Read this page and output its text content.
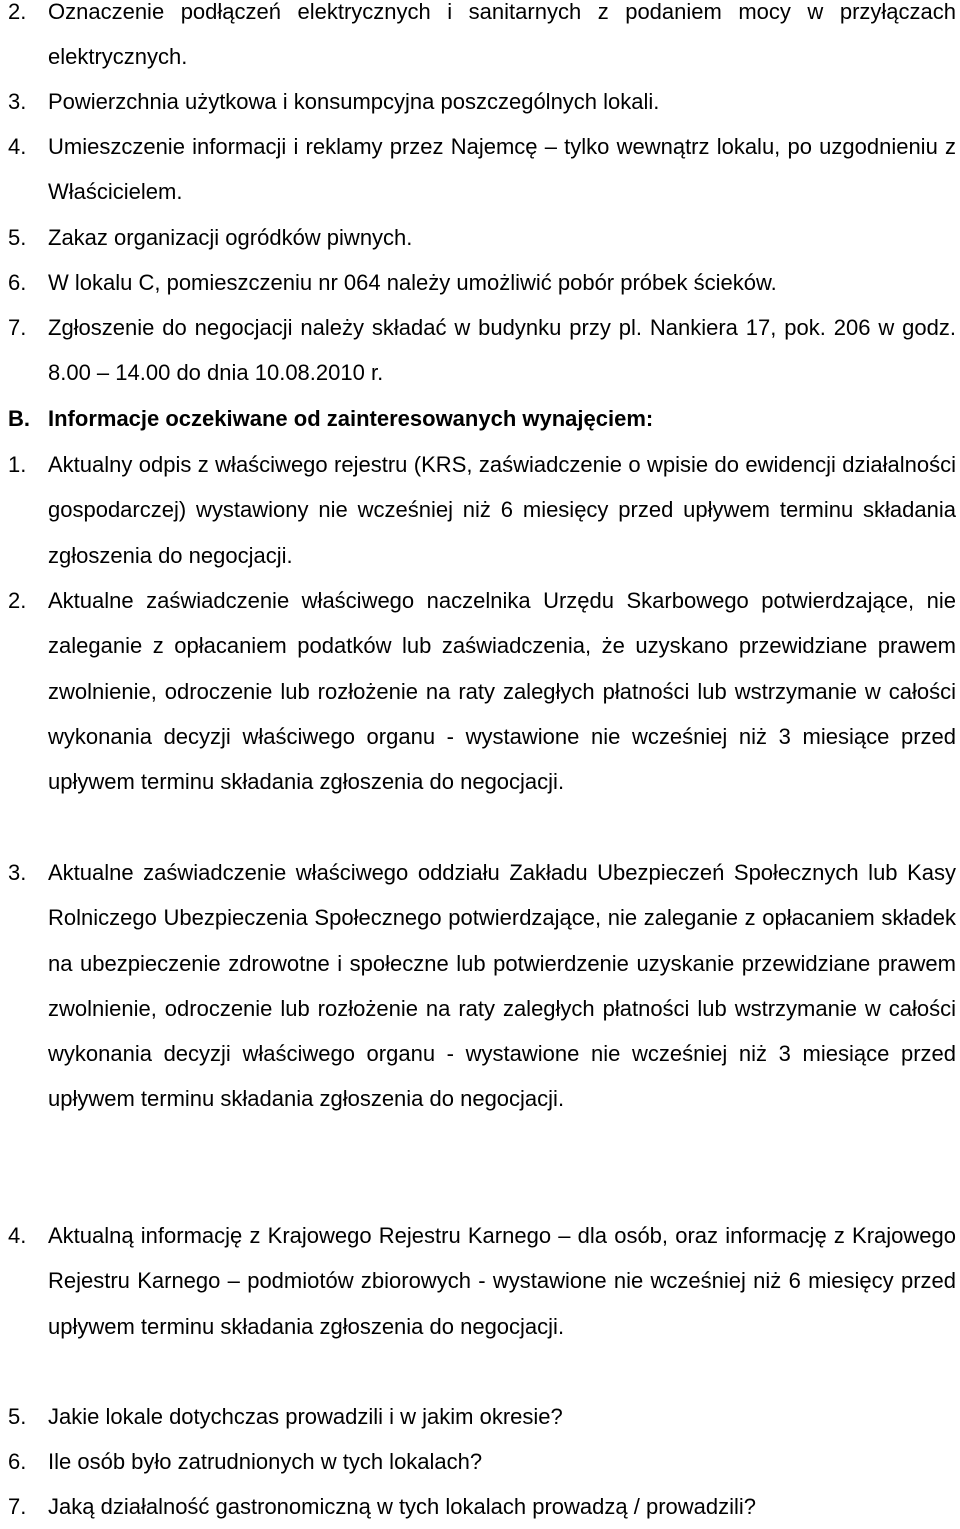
2. Oznaczenie podłączeń elektrycznych i sanitarnych z podaniem mocy w przyłączach elektrycznych.
3. Powierzchnia użytkowa i konsumpcyjna poszczególnych lokali.
4. Umieszczenie informacji i reklamy przez Najemcę – tylko wewnątrz lokalu, po uzgodnieniu z Właścicielem.
5. Zakaz organizacji ogródków piwnych.
6. W lokalu C, pomieszczeniu nr 064 należy umożliwić pobór próbek ścieków.
7. Zgłoszenie do negocjacji należy składać w budynku przy pl. Nankiera 17, pok. 206 w godz. 8.00 – 14.00 do dnia 10.08.2010 r.
B. Informacje oczekiwane od zainteresowanych wynajęciem:
1. Aktualny odpis z właściwego rejestru (KRS, zaświadczenie o wpisie do ewidencji działalności gospodarczej) wystawiony nie wcześniej niż 6 miesięcy przed upływem terminu składania zgłoszenia do negocjacji.
2. Aktualne zaświadczenie właściwego naczelnika Urzędu Skarbowego potwierdzające, nie zaleganie z opłacaniem podatków lub zaświadczenia, że uzyskano przewidziane prawem zwolnienie, odroczenie lub rozłożenie na raty zaległych płatności lub wstrzymanie w całości wykonania decyzji właściwego organu - wystawione nie wcześniej niż 3 miesiące przed upływem terminu składania zgłoszenia do negocjacji.
3. Aktualne zaświadczenie właściwego oddziału Zakładu Ubezpieczeń Społecznych lub Kasy Rolniczego Ubezpieczenia Społecznego potwierdzające, nie zaleganie z opłacaniem składek na ubezpieczenie zdrowotne i społeczne lub potwierdzenie uzyskanie przewidziane prawem zwolnienie, odroczenie lub rozłożenie na raty zaległych płatności lub wstrzymanie w całości wykonania decyzji właściwego organu - wystawione nie wcześniej niż 3 miesiące przed upływem terminu składania zgłoszenia do negocjacji.
4. Aktualną informację z Krajowego Rejestru Karnego – dla osób, oraz informację z Krajowego Rejestru Karnego – podmiotów zbiorowych - wystawione nie wcześniej niż 6 miesięcy przed upływem terminu składania zgłoszenia do negocjacji.
5. Jakie lokale dotychczas prowadzili i w jakim okresie?
6. Ile osób było zatrudnionych w tych lokalach?
7. Jaką działalność gastronomiczną w tych lokalach prowadzą / prowadzili?
